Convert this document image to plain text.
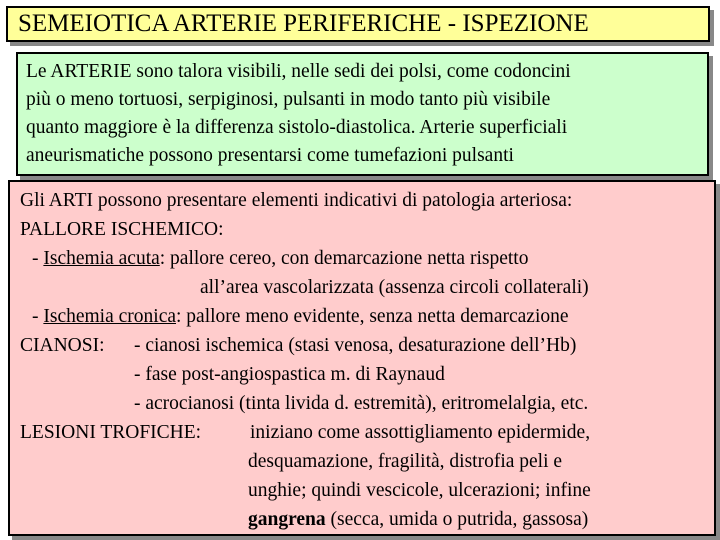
SEMEIOTICA ARTERIE PERIFERICHE - ISPEZIONE
Le ARTERIE sono talora visibili, nelle sedi dei polsi, come codoncini
più o meno tortuosi, serpiginosi, pulsanti in modo tanto più visibile
quanto maggiore è la differenza sistolo-diastolica. Arterie superficiali
aneurismatiche possono presentarsi come tumefazioni pulsanti
Gli ARTI possono presentare elementi indicativi di patologia arteriosa:
PALLORE ISCHEMICO:
- Ischemia acuta: pallore cereo, con demarcazione netta rispetto
all’area vascolarizzata (assenza circoli collaterali)
- Ischemia cronica: pallore meno evidente, senza netta demarcazione
CIANOSI: - cianosi ischemica (stasi venosa, desaturazione dell’Hb)
- fase post-angiospastica m. di Raynaud
- acrocianosi (tinta livida d. estremità), eritromelalgia, etc.
LESIONI TROFICHE:	iniziano come assottigliamento epidermide,
desquamazione, fragilità, distrofia peli e
unghie; quindi vescicole, ulcerazioni; infine
gangrena (secca, umida o putrida, gassosa)
